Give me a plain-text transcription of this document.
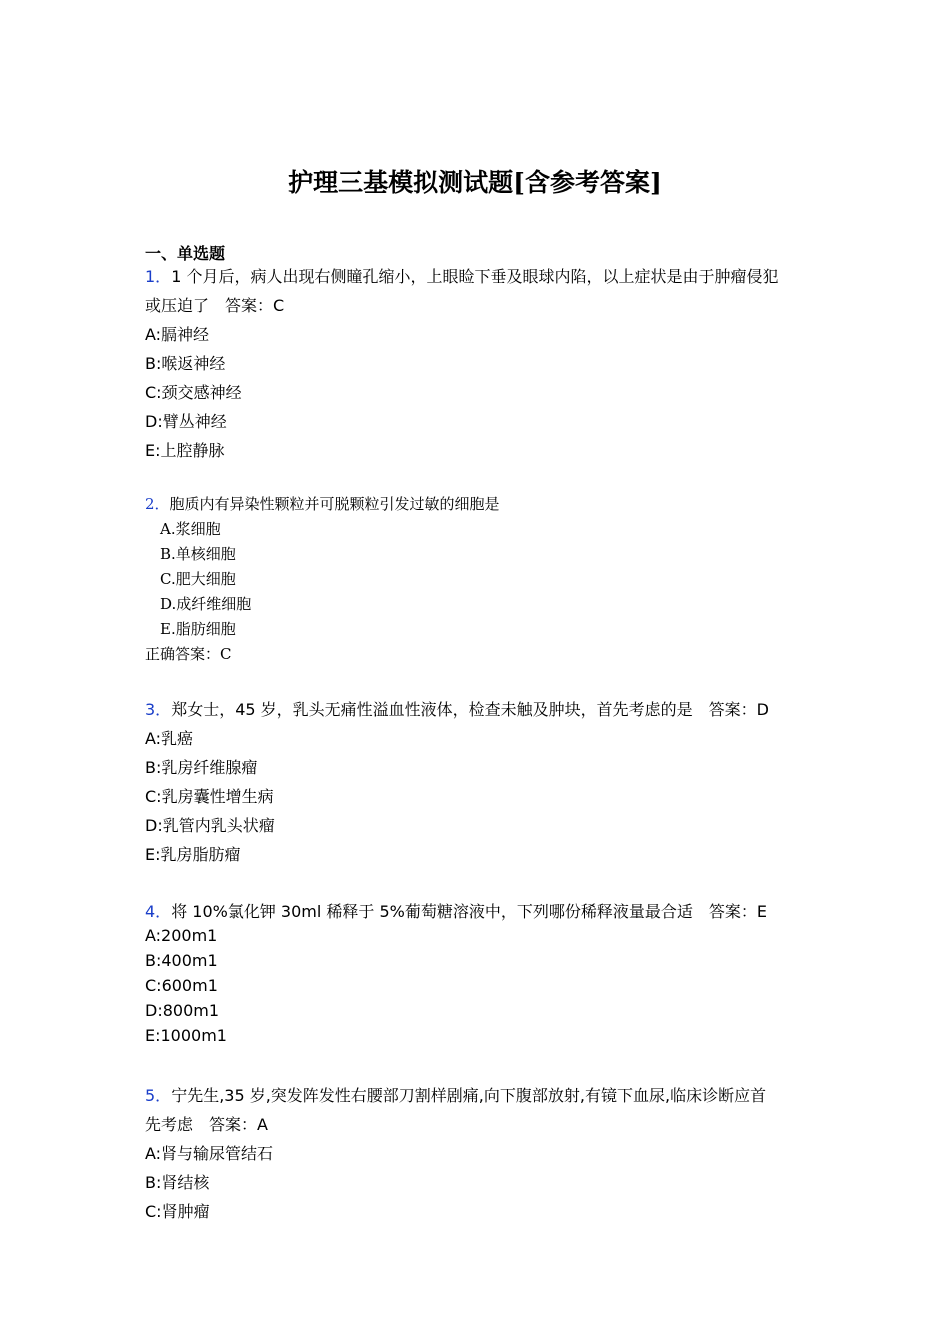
护理三基模拟测试题[含参考答案]
一、单选题
1．1 个月后，病人出现右侧瞳孔缩小，上眼睑下垂及眼球内陷，以上症状是由于肿瘤侵犯
或压迫了　答案：C
A:膈神经
B:喉返神经
C:颈交感神经
D:臂丛神经
E:上腔静脉
2．胞质内有异染性颗粒并可脱颗粒引发过敏的细胞是
A.浆细胞
B.单核细胞
C.肥大细胞
D.成纤维细胞
E.脂肪细胞
正确答案：C
3．郑女士，45 岁，乳头无痛性溢血性液体，检查未触及肿块，首先考虑的是　答案：D
A:乳癌
B:乳房纤维腺瘤
C:乳房囊性增生病
D:乳管内乳头状瘤
E:乳房脂肪瘤
4．将 10%氯化钾 30ml 稀释于 5%葡萄糖溶液中，下列哪份稀释液量最合适　答案：E
A:200m1
B:400m1
C:600m1
D:800m1
E:1000m1
5．宁先生,35 岁,突发阵发性右腰部刀割样剧痛,向下腹部放射,有镜下血尿,临床诊断应首
先考虑　答案：A
A:肾与输尿管结石
B:肾结核
C:肾肿瘤
